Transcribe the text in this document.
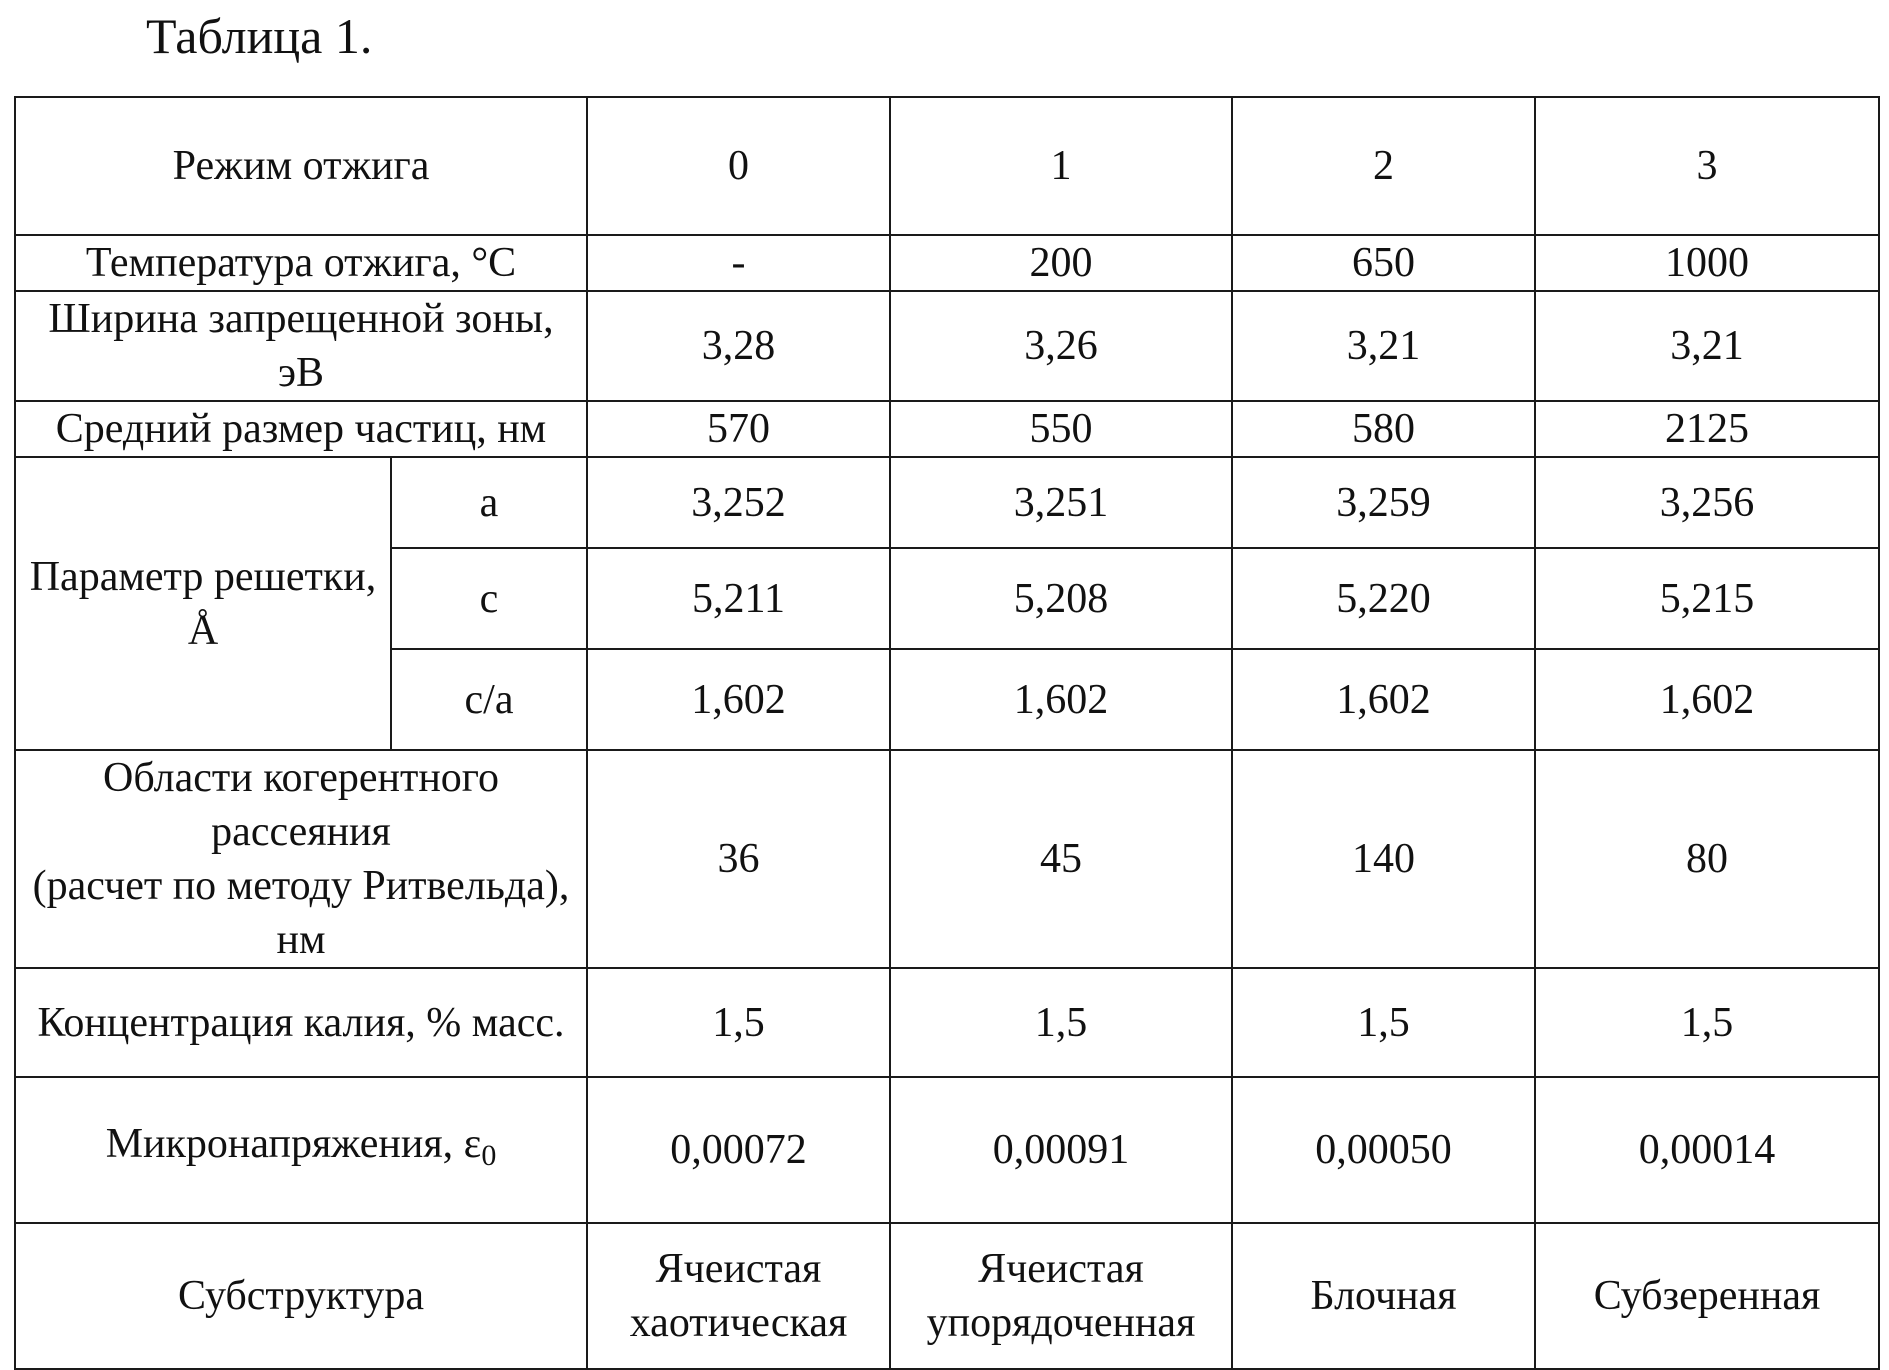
Таблица 1.
Режим отжига		0	1	2	3
Температура отжига, °С		-	200	650	1000
Ширина запрещенной зоны, эВ		3,28	3,26	3,21	3,21
Средний размер частиц, нм		570	550	580	2125
Параметр решетки, Å	a	3,252	3,251	3,259	3,256
	c	5,211	5,208	5,220	5,215
	c/a	1,602	1,602	1,602	1,602
Области когерентного рассеяния
(расчет по методу Ритвельда), нм		36	45	140	80
Концентрация калия, % масс.		1,5	1,5	1,5	1,5
Микронапряжения, $\varepsilon_0$		0,00072	0,00091	0,00050	0,00014
Субструктура		Ячеистая хаотическая	Ячеистая упорядоченная	Блочная	Субзеренная
